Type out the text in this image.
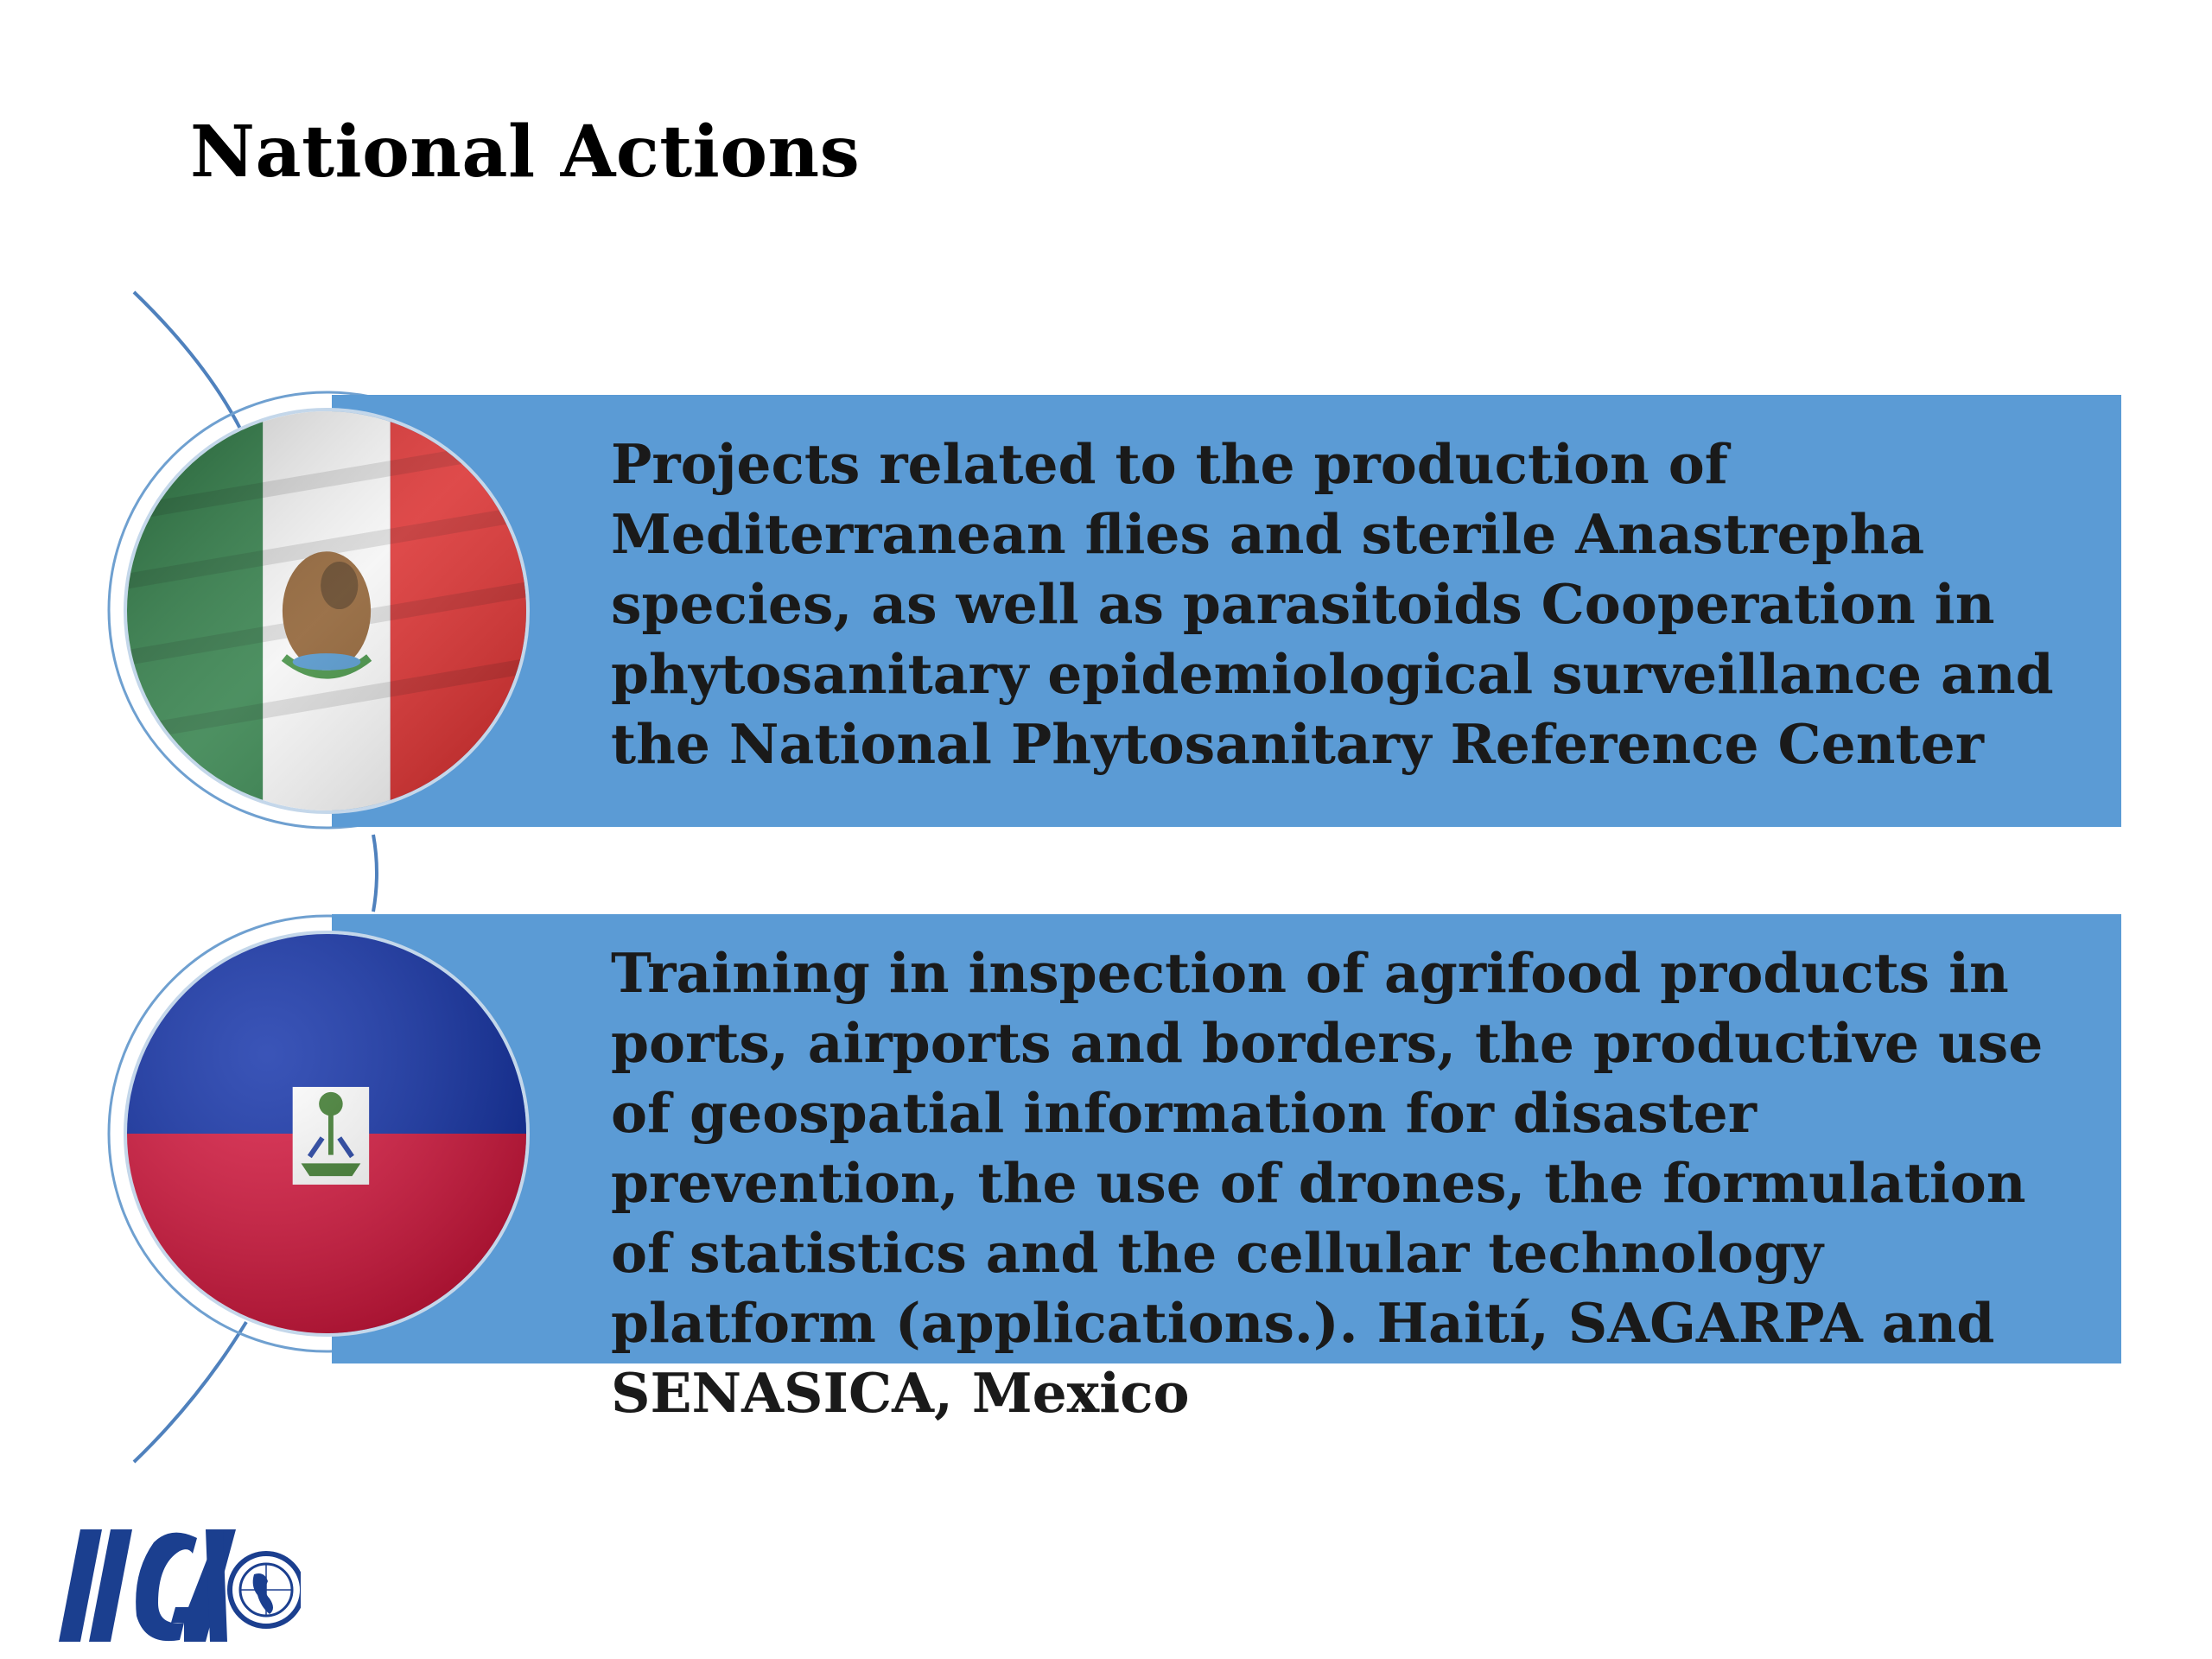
National Actions
Projects related to the production of Mediterranean flies and sterile Anastrepha species, as well as parasitoids Cooperation in phytosanitary epidemiological surveillance and the National Phytosanitary Reference Center
Training in inspection of agrifood products in ports, airports and borders, the productive use of geospatial information for disaster prevention, the use of drones, the formulation of statistics and the cellular technology platform (applications.). Haití, SAGARPA and SENASICA, Mexico
IICA
